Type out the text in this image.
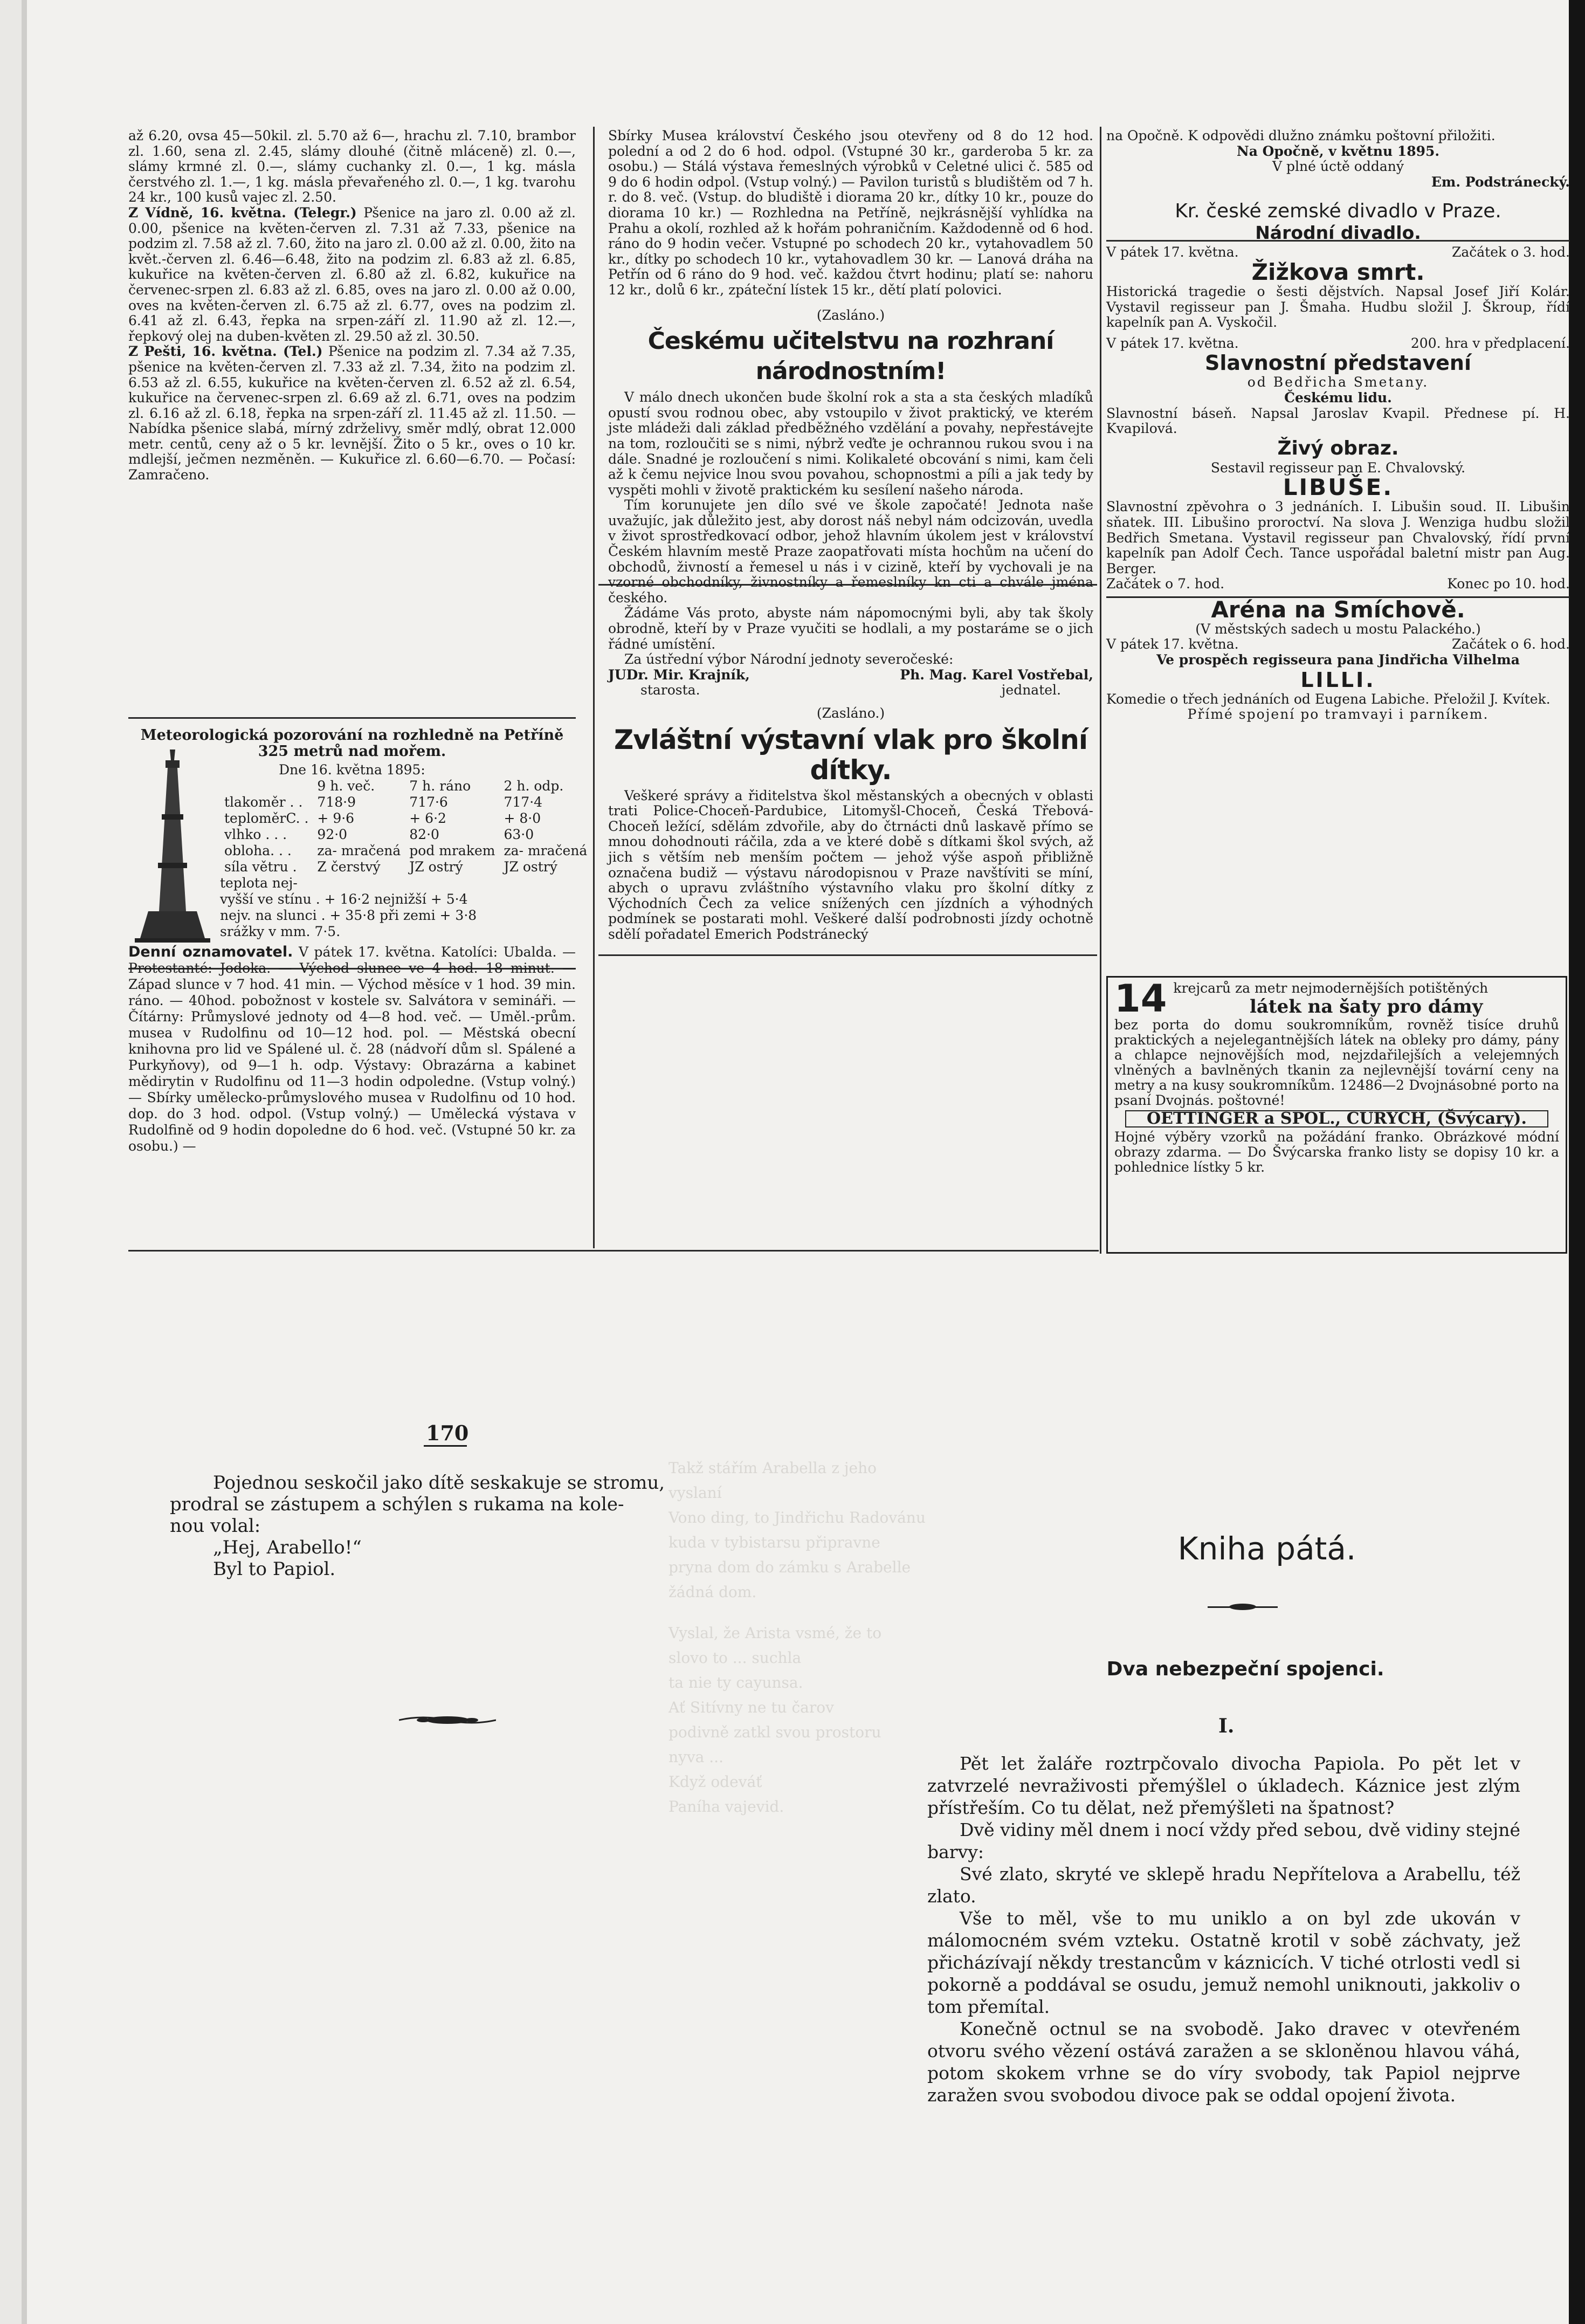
až 6.20, ovsa 45—50kil. zl. 5.70 až 6—, hrachu zl. 7.10, brambor zl. 1.60, sena zl. 2.45, slámy dlouhé (čitně mláceně) zl. 0.—, slámy krmné zl. 0.—, slámy cuchanky zl. 0.—, 1 kg. másla čerstvého zl. 1.—, 1 kg. másla převařeného zl. 0.—, 1 kg. tvarohu 24 kr., 100 kusů vajec zl. 2.50.

Z Vídně, 16. května. (Telegr.) Pšenice na jaro zl. 0.00 až zl. 0.00, pšenice na květen-červen zl. 7.31 až 7.33, pšenice na podzim zl. 7.58 až zl. 7.60, žito na jaro zl. 0.00 až zl. 0.00, žito na květ.-červen zl. 6.46—6.48, žito na podzim zl. 6.83 až zl. 6.85, kukuřice na květen-červen zl. 6.80 až zl. 6.82, kukuřice na červenec-srpen zl. 6.83 až zl. 6.85, oves na jaro zl. 0.00 až 0.00, oves na květen-červen zl. 6.75 až zl. 6.77, oves na podzim zl. 6.41 až zl. 6.43, řepka na srpen-září zl. 11.90 až zl. 12.—, řepkový olej na duben-květen zl. 29.50 až zl. 30.50.

Z Pešti, 16. května. (Tel.) Pšenice na podzim zl. 7.34 až 7.35, pšenice na květen-červen zl. 7.33 až zl. 7.34, žito na podzim zl. 6.53 až zl. 6.55, kukuřice na květen-červen zl. 6.52 až zl. 6.54, kukuřice na červenec-srpen zl. 6.69 až zl. 6.71, oves na podzim zl. 6.16 až zl. 6.18, řepka na srpen-září zl. 11.45 až zl. 11.50. — Nabídka pšenice slabá, mírný zdrželivy, směr mdlý, obrat 12.000 metr. centů, ceny až o 5 kr. levnější. Žito o 5 kr., oves o 10 kr. mdlejší, ječmen nezměněn. — Kukuřice zl. 6.60—6.70. — Počasí: Zamračeno.

Meteorologická pozorování na rozhledně na Petříně 325 metrů nad mořem.
Dne 16. května 1895:
	9 h. več.	7 h. ráno	2 h. odp.
tlakoměr . .	718·9	717·6	717·4
teploměrC. .	+ 9·6	+ 6·2	+ 8·0
vlhko . . .	92·0	82·0	63·0
obloha. . .	za- mračená	pod mrakem	za- mračená
síla větru .	Z čerstvý	JZ ostrý	JZ ostrý
teplota nej-
vyšší ve stínu . + 16·2 nejnižší + 5·4
nejv. na slunci . + 35·8 při zemi + 3·8
srážky v mm. 7·5.
Denní oznamovatel. V pátek 17. května. Katolíci: Ubalda. — Protestanté: Jodoka. — Východ slunce ve 4 hod. 18 minut. — Západ slunce v 7 hod. 41 min. — Východ měsíce v 1 hod. 39 min. ráno. — 40hod. pobožnost v kostele sv. Salvátora v semináři. — Čítárny: Průmyslové jednoty od 4—8 hod. več. — Uměl.-prům. musea v Rudolfinu od 10—12 hod. pol. — Městská obecní knihovna pro lid ve Spálené ul. č. 28 (nádvoří dům sl. Spálené a Purkyňovy), od 9—1 h. odp. Výstavy: Obrazárna a kabinet mědirytin v Rudolfinu od 11—3 hodin odpoledne. (Vstup volný.) — Sbírky umělecko-průmyslového musea v Rudolfinu od 10 hod. dop. do 3 hod. odpol. (Vstup volný.) — Umělecká výstava v Rudolfině od 9 hodin dopoledne do 6 hod. več. (Vstupné 50 kr. za osobu.) —

Sbírky Musea království Českého jsou otevřeny od 8 do 12 hod. polední a od 2 do 6 hod. odpol. (Vstupné 30 kr., garderoba 5 kr. za osobu.) — Stálá výstava řemeslných výrobků v Celetné ulici č. 585 od 9 do 6 hodin odpol. (Vstup volný.) — Pavilon turistů s bludištěm od 7 h. r. do 8. več. (Vstup. do bludiště i diorama 20 kr., dítky 10 kr., pouze do diorama 10 kr.) — Rozhledna na Petříně, nejkrásnější vyhlídka na Prahu a okolí, rozhled až k hořám pohraničním. Každodenně od 6 hod. ráno do 9 hodin večer. Vstupné po schodech 20 kr., vytahovadlem 50 kr., dítky po schodech 10 kr., vytahovadlem 30 kr. — Lanová dráha na Petřín od 6 ráno do 9 hod. več. každou čtvrt hodinu; platí se: nahoru 12 kr., dolů 6 kr., zpáteční lístek 15 kr., dětí platí polovici.

(Zasláno.)
Českému učitelstvu na rozhraní národnostním!

V málo dnech ukončen bude školní rok a sta a sta českých mladíků opustí svou rodnou obec, aby vstoupilo v život praktický, ve kterém jste mládeži dali základ předběžného vzdělání a povahy, nepřestávejte na tom, rozloučiti se s nimi, nýbrž veďte je ochrannou rukou svou i na dále. Snadné je rozloučení s nimi. Kolikaleté obcování s nimi, kam čeli až k čemu nejvice lnou svou povahou, schopnostmi a píli a jak tedy by vyspěti mohli v životě praktickém ku sesílení našeho národa.

Tím korunujete jen dílo své ve škole započaté! Jednota naše uvažujíc, jak důležito jest, aby dorost náš nebyl nám odcizován, uvedla v život sprostředkovací odbor, jehož hlavním úkolem jest v království Českém hlavním mestě Praze zaopatřovati místa hochům na učení do obchodů, živností a řemesel u nás i v cizině, kteří by vychovali je na vzorné obchodníky, živnostníky a řemeslníky kn cti a chvále jména českého.

Žádáme Vás proto, abyste nám nápomocnými byli, aby tak školy obrodně, kteří by v Praze vyučiti se hodlali, a my postaráme se o jich řádné umístění.

Za ústřední výbor Národní jednoty severočeské:

JUDr. Mir. Krajník,	Ph. Mag. Karel Vostřebal,
starosta.	jednatel.
(Zasláno.)
Zvláštní výstavní vlak pro školní dítky.

Veškeré správy a řiditelstva škol městanských a obecných v oblasti trati Police-Choceň-Pardubice, Litomyšl-Choceň, Česká Třebová-Choceň ležící, sdělám zdvořile, aby do čtrnácti dnů laskavě přímo se mnou dohodnouti ráčila, zda a ve které době s dítkami škol svých, až jich s větším neb menším počtem — jehož výše aspoň přibližně označena budiž — výstavu národopisnou v Praze navštíviti se míní, abych o upravu zvláštního výstavního vlaku pro školní dítky z Východních Čech za velice snížených cen jízdních a výhodných podmínek se postarati mohl. Veškeré další podrobnosti jízdy ochotně sdělí pořadatel Emerich Podstránecký

na Opočně. K odpovědi dlužno známku poštovní přiložiti.

Na Opočně, v květnu 1895.
V plné úctě oddaný
Em. Podstránecký.
Kr. české zemské divadlo v Praze.
Národní divadlo.
V pátek 17. května.	Začátek o 3. hod.
Žižkova smrt.

Historická tragedie o šesti dějstvích. Napsal Josef Jiří Kolár. Vystavil regisseur pan J. Šmaha. Hudbu složil J. Škroup, řídí kapelník pan A. Vyskočil.

V pátek 17. května.	200. hra v předplacení.
Slavnostní představení
od Bedřicha Smetany.
Českému lidu.

Slavnostní báseň. Napsal Jaroslav Kvapil. Přednese pí. H. Kvapilová.

Živý obraz.
Sestavil regisseur pan E. Chvalovský.
LIBUŠE.

Slavnostní zpěvohra o 3 jednáních. I. Libušin soud. II. Libušin sňatek. III. Libušino proroctví. Na slova J. Wenziga hudbu složil Bedřich Smetana. Vystavil regisseur pan Chvalovský, řídí první kapelník pan Adolf Čech. Tance uspořádal baletní mistr pan Aug. Berger.

Začátek o 7. hod.	Konec po 10. hod.
Aréna na Smíchově.
(V městských sadech u mostu Palackého.)
V pátek 17. května.	Začátek o 6. hod.
Ve prospěch regisseura pana Jindřicha Vilhelma
LILLI.

Komedie o třech jednáních od Eugena Labiche. Přeložil J. Kvítek.

Přímé spojení po tramvayi i parníkem.
14 krejcarů za metr nejmodernějších potištěných
látek na šaty pro dámy
bez porta do domu soukromníkům, rovněž tisíce druhů praktických a nejelegantnějších látek na obleky pro dámy, pány a chlapce nejnovějších mod, nejzdařilejších a velejemných vlněných a bavlněných tkanin za nejlevnější tovární ceny na metry a na kusy soukromníkům. 12486—2 Dvojnásobné porto na psaní Dvojnás. poštovné!
OETTINGER a SPOL., CURYCH, (Švýcary).
Hojné výběry vzorků na požádání franko. Obrázkové módní obrazy zdarma. — Do Švýcarska franko listy se dopisy 10 kr. a pohlednice lístky 5 kr.
170
Takž stářím Arabella z jeho
vyslaní
Vono ding, to Jindřichu Radovánu
kuda v tybistarsu připravne
pryna dom do zámku s Arabelle
žádná dom.
Vyslal, že Arista vsmé, že to
slovo to ... suchla
ta nie ty cayunsa.
Ať Sitívny ne tu čarov
podivně zatkl svou prostoru
nyva ...
Když odeváť
Paníha vajevid.
Pojednou seskočil jako dítě seskakuje se stromu,
prodral se zástupem a schýlen s rukama na kole-
nou volal:
„Hej, Arabello!“
Byl to Papiol.
Kniha pátá.
Dva nebezpeční spojenci.
I.

Pět let žaláře roztrpčovalo divocha Papiola. Po pět let v zatvrzelé nevraživosti přemýšlel o úkladech. Káznice jest zlým přístřeším. Co tu dělat, než přemýšleti na špatnost?

Dvě vidiny měl dnem i nocí vždy před sebou, dvě vidiny stejné barvy:

Své zlato, skryté ve sklepě hradu Nepřítelova a Arabellu, též zlato.

Vše to měl, vše to mu uniklo a on byl zde ukován v málomocném svém vzteku. Ostatně krotil v sobě záchvaty, jež přicházívají někdy trestancům v káznicích. V tiché otrlosti vedl si pokorně a poddával se osudu, jemuž nemohl uniknouti, jakkoliv o tom přemítal.

Konečně octnul se na svobodě. Jako dravec v otevřeném otvoru svého vězení ostává zaražen a se skloněnou hlavou váhá, potom skokem vrhne se do víry svobody, tak Papiol nejprve zaražen svou svobodou divoce pak se oddal opojení života.
